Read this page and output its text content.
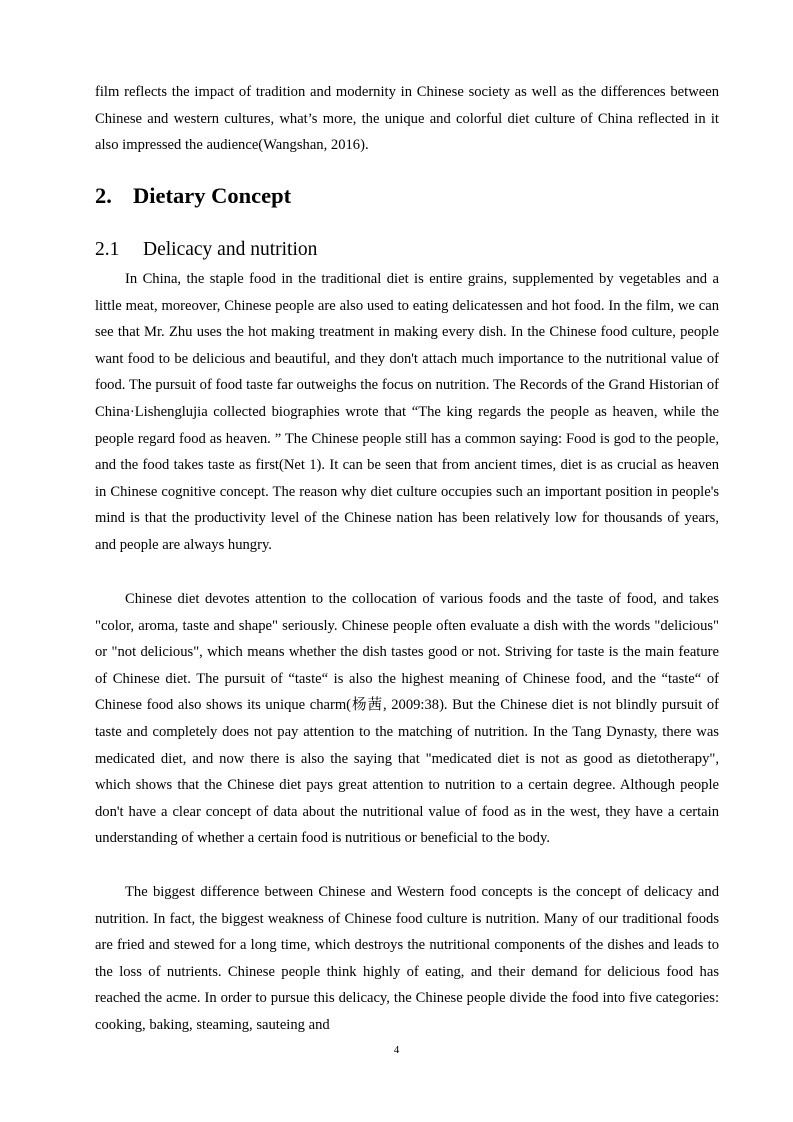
film reflects the impact of tradition and modernity in Chinese society as well as the differences between Chinese and western cultures, what’s more, the unique and colorful diet culture of China reflected in it also impressed the audience(Wangshan, 2016).

2. Dietary Concept
2.1 Delicacy and nutrition

In China, the staple food in the traditional diet is entire grains, supplemented by vegetables and a little meat, moreover, Chinese people are also used to eating delicatessen and hot food. In the film, we can see that Mr. Zhu uses the hot making treatment in making every dish. In the Chinese food culture, people want food to be delicious and beautiful, and they don't attach much importance to the nutritional value of food. The pursuit of food taste far outweighs the focus on nutrition. The Records of the Grand Historian of China·Lishenglujia collected biographies wrote that “The king regards the people as heaven, while the people regard food as heaven. ” The Chinese people still has a common saying: Food is god to the people, and the food takes taste as first(Net 1). It can be seen that from ancient times, diet is as crucial as heaven in Chinese cognitive concept. The reason why diet culture occupies such an important position in people's mind is that the productivity level of the Chinese nation has been relatively low for thousands of years, and people are always hungry.

Chinese diet devotes attention to the collocation of various foods and the taste of food, and takes "color, aroma, taste and shape" seriously. Chinese people often evaluate a dish with the words "delicious" or "not delicious", which means whether the dish tastes good or not. Striving for taste is the main feature of Chinese diet. The pursuit of “taste“ is also the highest meaning of Chinese food, and the “taste“ of Chinese food also shows its unique charm(杨茜, 2009:38). But the Chinese diet is not blindly pursuit of taste and completely does not pay attention to the matching of nutrition. In the Tang Dynasty, there was medicated diet, and now there is also the saying that "medicated diet is not as good as dietotherapy", which shows that the Chinese diet pays great attention to nutrition to a certain degree. Although people don't have a clear concept of data about the nutritional value of food as in the west, they have a certain understanding of whether a certain food is nutritious or beneficial to the body.

The biggest difference between Chinese and Western food concepts is the concept of delicacy and nutrition. In fact, the biggest weakness of Chinese food culture is nutrition. Many of our traditional foods are fried and stewed for a long time, which destroys the nutritional components of the dishes and leads to the loss of nutrients. Chinese people think highly of eating, and their demand for delicious food has reached the acme. In order to pursue this delicacy, the Chinese people divide the food into five categories: cooking, baking, steaming, sauteing and

4
